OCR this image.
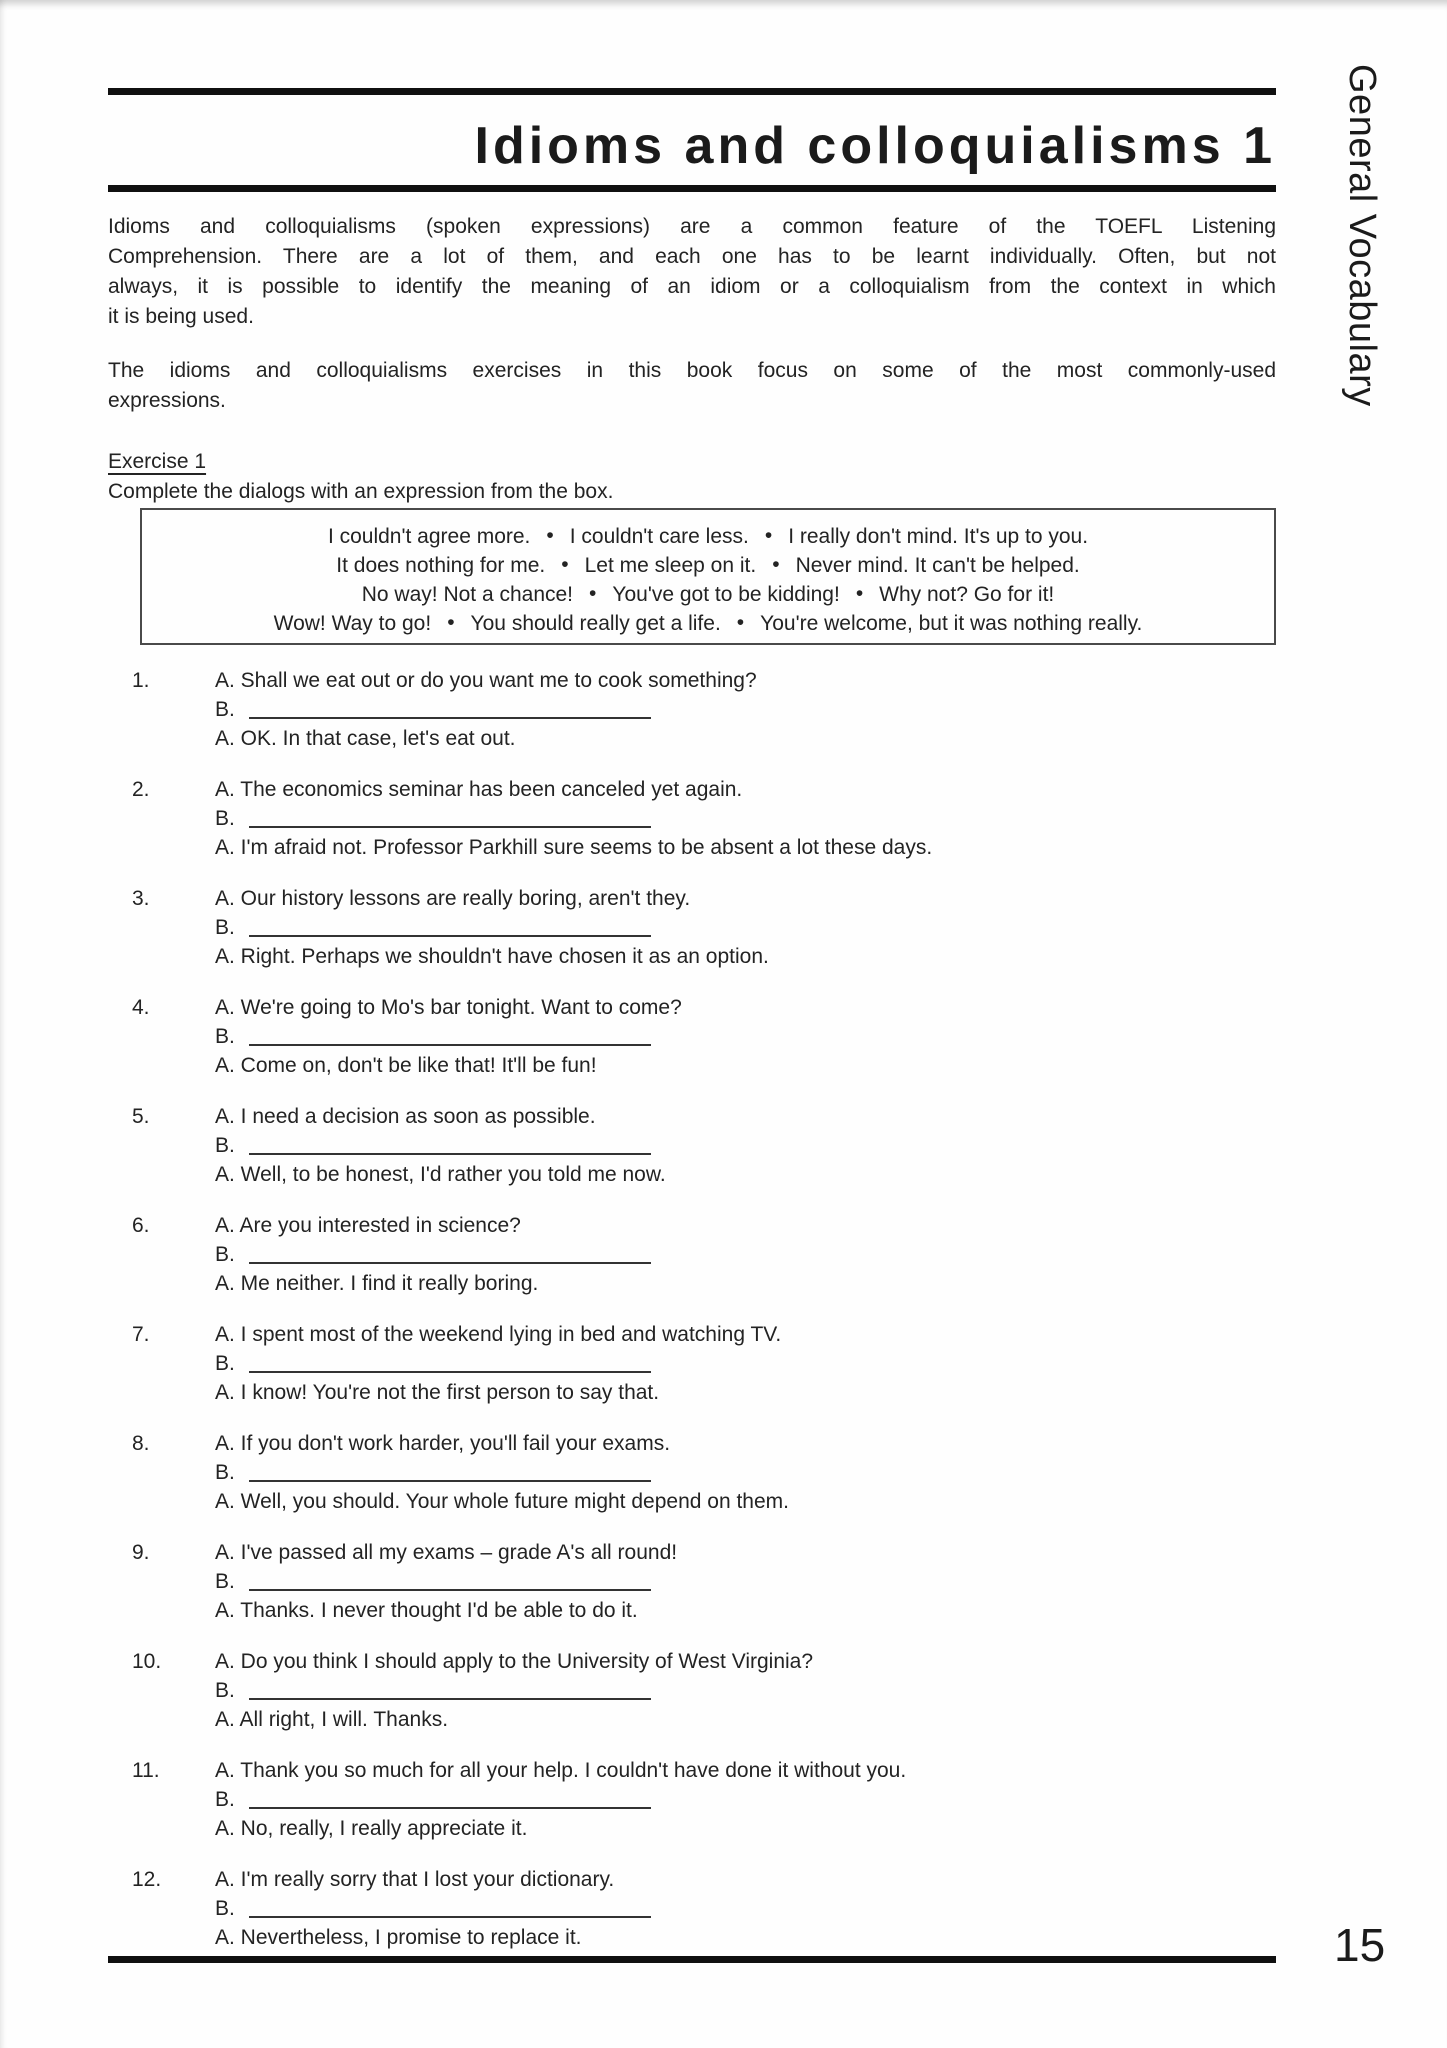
Idioms and colloquialisms 1
Idioms and colloquialisms (spoken expressions) are a common feature of the TOEFL Listening
Comprehension. There are a lot of them, and each one has to be learnt individually. Often, but not
always, it is possible to identify the meaning of an idiom or a colloquialism from the context in which
it is being used.
The idioms and colloquialisms exercises in this book focus on some of the most commonly-used
expressions.
Exercise 1
Complete the dialogs with an expression from the box.
I couldn't agree more. • I couldn't care less. • I really don't mind. It's up to you.
It does nothing for me. • Let me sleep on it. • Never mind. It can't be helped.
No way! Not a chance! • You've got to be kidding! • Why not? Go for it!
Wow! Way to go! • You should really get a life. • You're welcome, but it was nothing really.
1.	A. Shall we eat out or do you want me to cook something?
B.
A. OK. In that case, let's eat out.
2.	A. The economics seminar has been canceled yet again.
B.
A. I'm afraid not. Professor Parkhill sure seems to be absent a lot these days.
3.	A. Our history lessons are really boring, aren't they.
B.
A. Right. Perhaps we shouldn't have chosen it as an option.
4.	A. We're going to Mo's bar tonight. Want to come?
B.
A. Come on, don't be like that! It'll be fun!
5.	A. I need a decision as soon as possible.
B.
A. Well, to be honest, I'd rather you told me now.
6.	A. Are you interested in science?
B.
A. Me neither. I find it really boring.
7.	A. I spent most of the weekend lying in bed and watching TV.
B.
A. I know! You're not the first person to say that.
8.	A. If you don't work harder, you'll fail your exams.
B.
A. Well, you should. Your whole future might depend on them.
9.	A. I've passed all my exams – grade A's all round!
B.
A. Thanks. I never thought I'd be able to do it.
10.	A. Do you think I should apply to the University of West Virginia?
B.
A. All right, I will. Thanks.
11.	A. Thank you so much for all your help. I couldn't have done it without you.
B.
A. No, really, I really appreciate it.
12.	A. I'm really sorry that I lost your dictionary.
B.
A. Nevertheless, I promise to replace it.
General Vocabulary
15
